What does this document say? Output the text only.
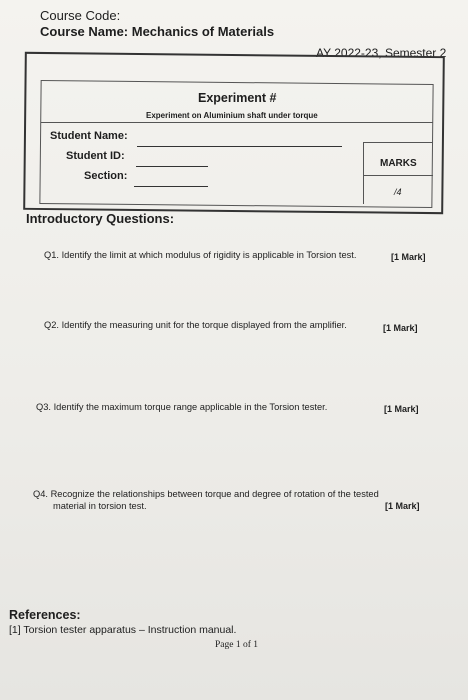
Course Code:
Course Name: Mechanics of Materials
AY 2022-23, Semester 2
Experiment #
Experiment on Aluminium shaft under torque
Student Name:
Student ID:
Section:
MARKS
/4
Introductory Questions:
Q1. Identify the limit at which modulus of rigidity is applicable in Torsion test.	[1 Mark]
Q2. Identify the measuring unit for the torque displayed from the amplifier.	[1 Mark]
Q3. Identify the maximum torque range applicable in the Torsion tester.	[1 Mark]
Q4. Recognize the relationships between torque and degree of rotation of the tested
material in torsion test.	[1 Mark]
References:
[1] Torsion tester apparatus – Instruction manual.
Page 1 of 1
